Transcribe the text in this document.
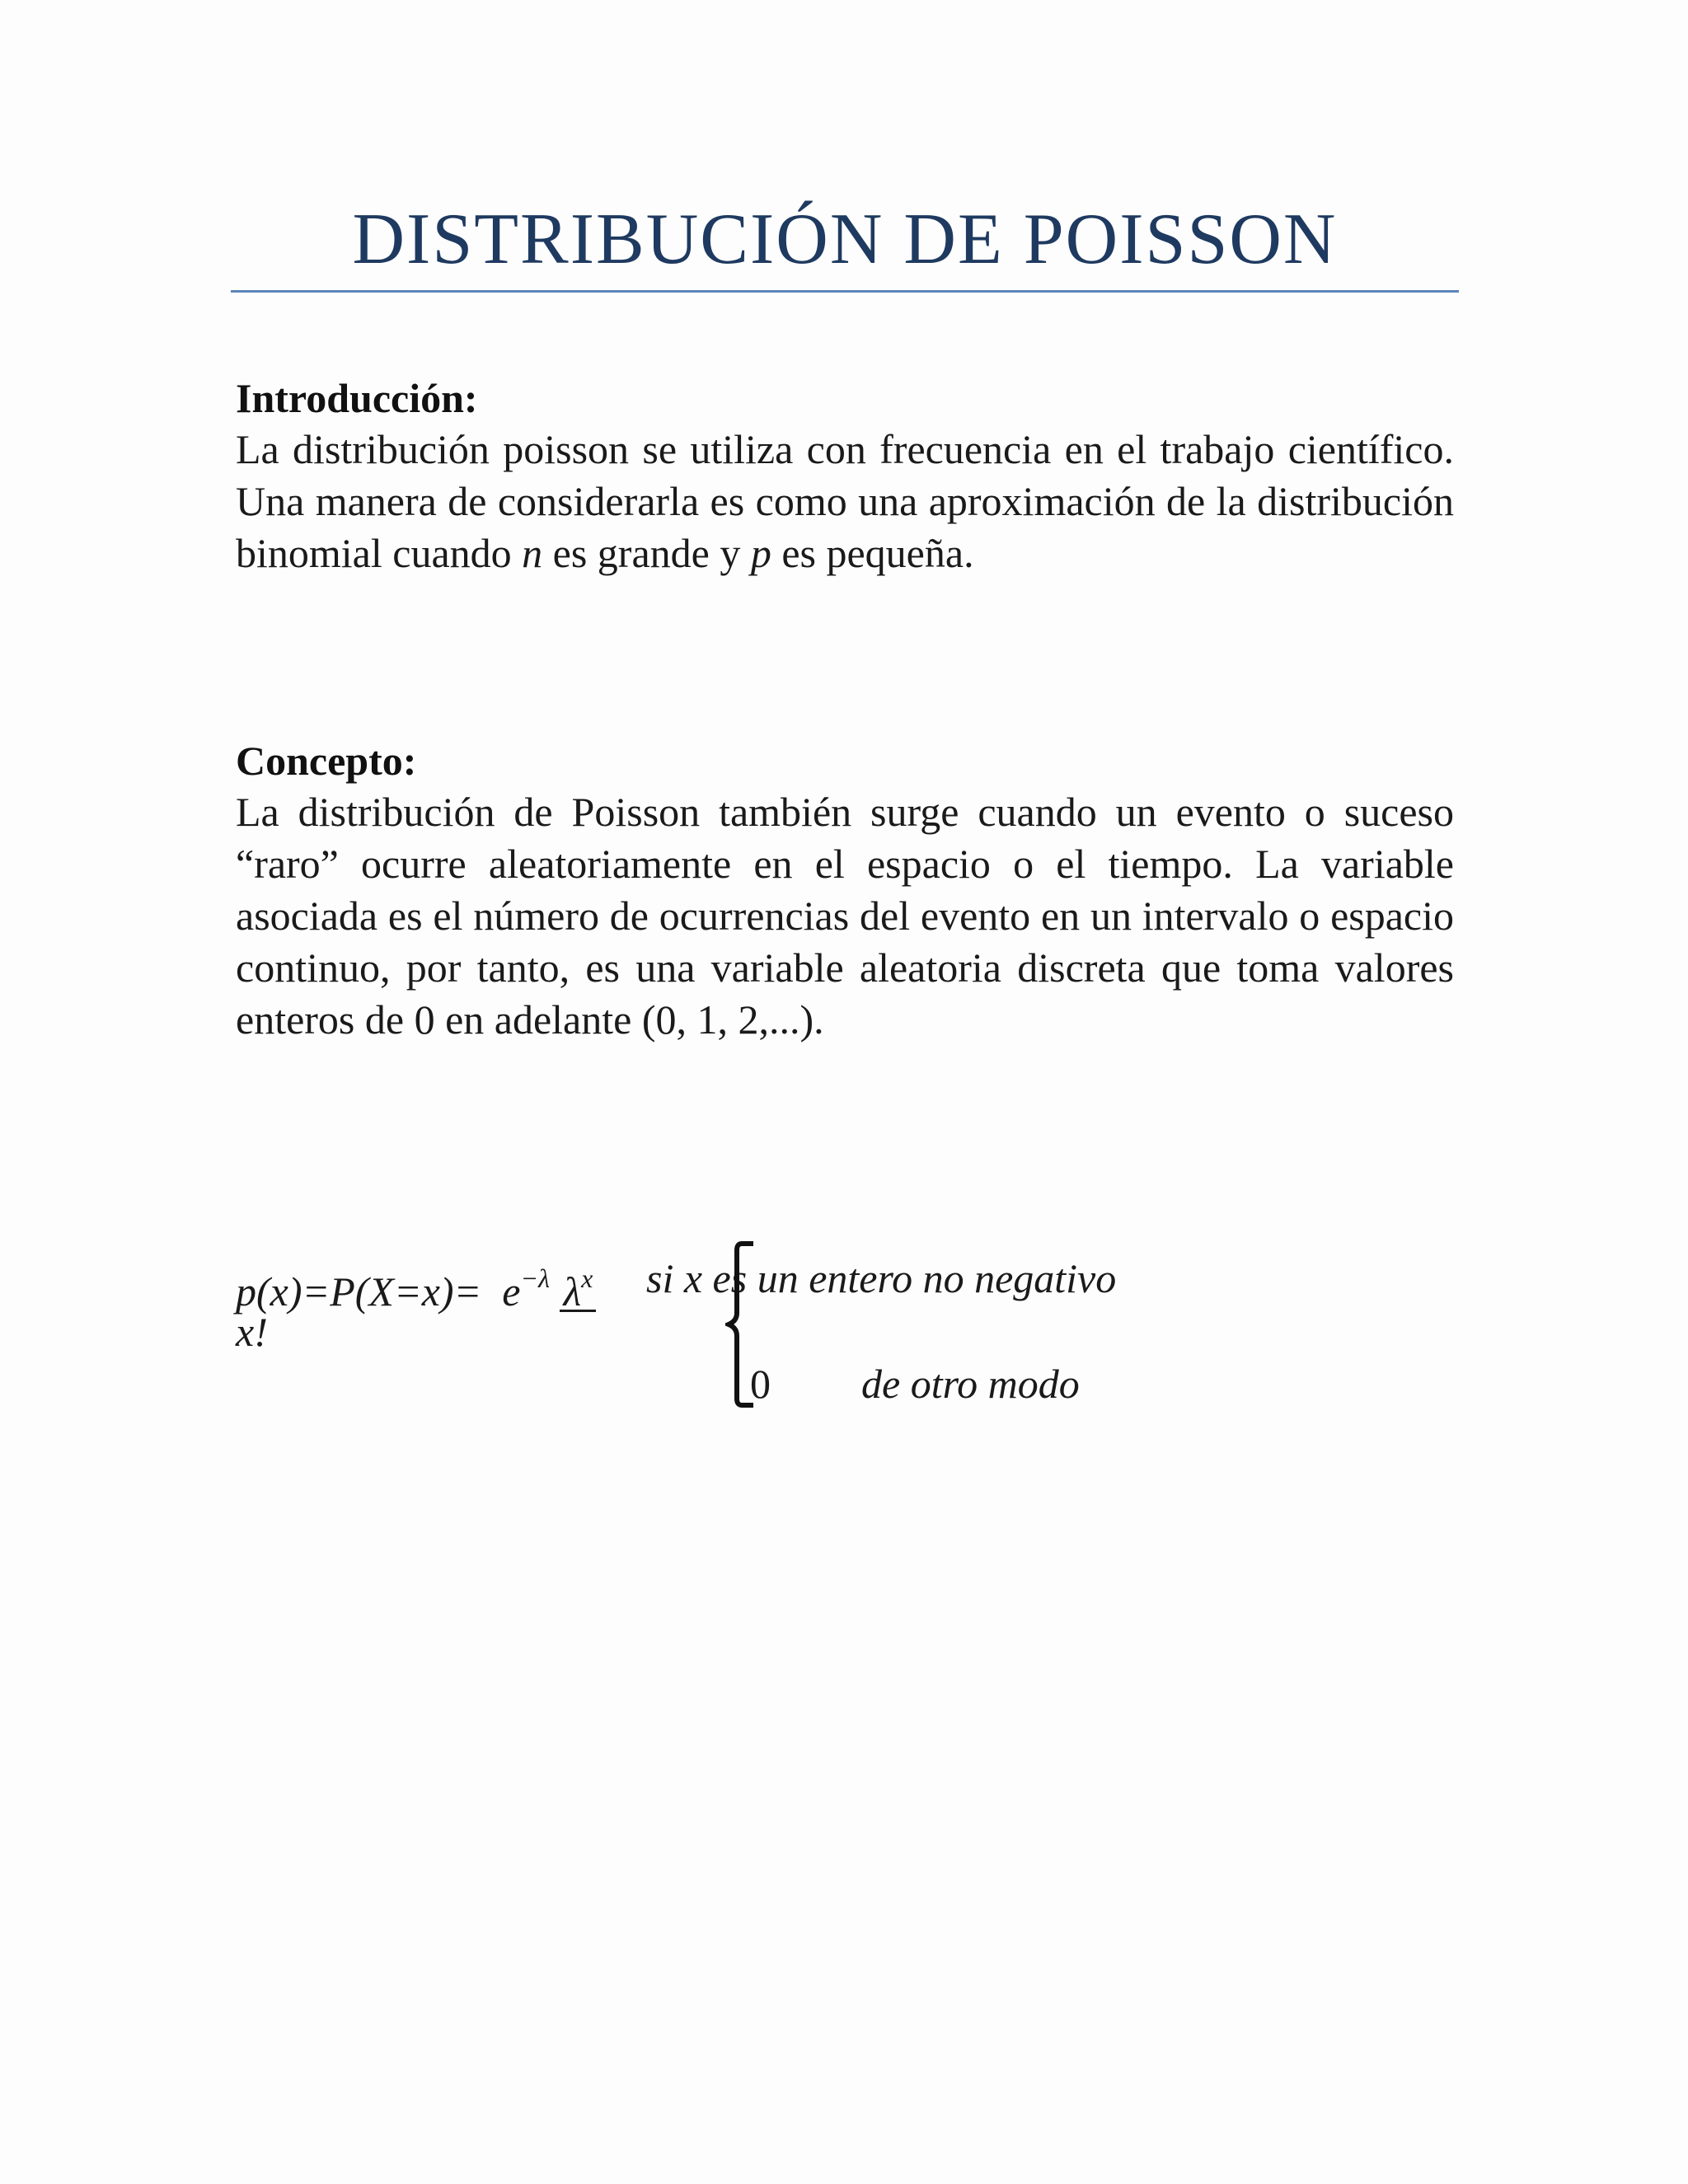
DISTRIBUCIÓN DE POISSON
Introducción:
La distribución poisson se utiliza con frecuencia en el trabajo científico. Una manera de considerarla es como una aproximación de la distribución binomial cuando n es grande y p es pequeña.
Concepto:
La distribución de Poisson también surge cuando un evento o suceso “raro” ocurre aleatoriamente en el espacio o el tiempo. La variable asociada es el número de ocurrencias del evento en un intervalo o espacio continuo, por tanto, es una variable aleatoria discreta que toma valores enteros de 0 en adelante (0, 1, 2,...).
$p(x)=P(X=x)= e^{-\lambda}$ $\lambda^x$ si x es un entero no negativo
x!
0 de otro modo
